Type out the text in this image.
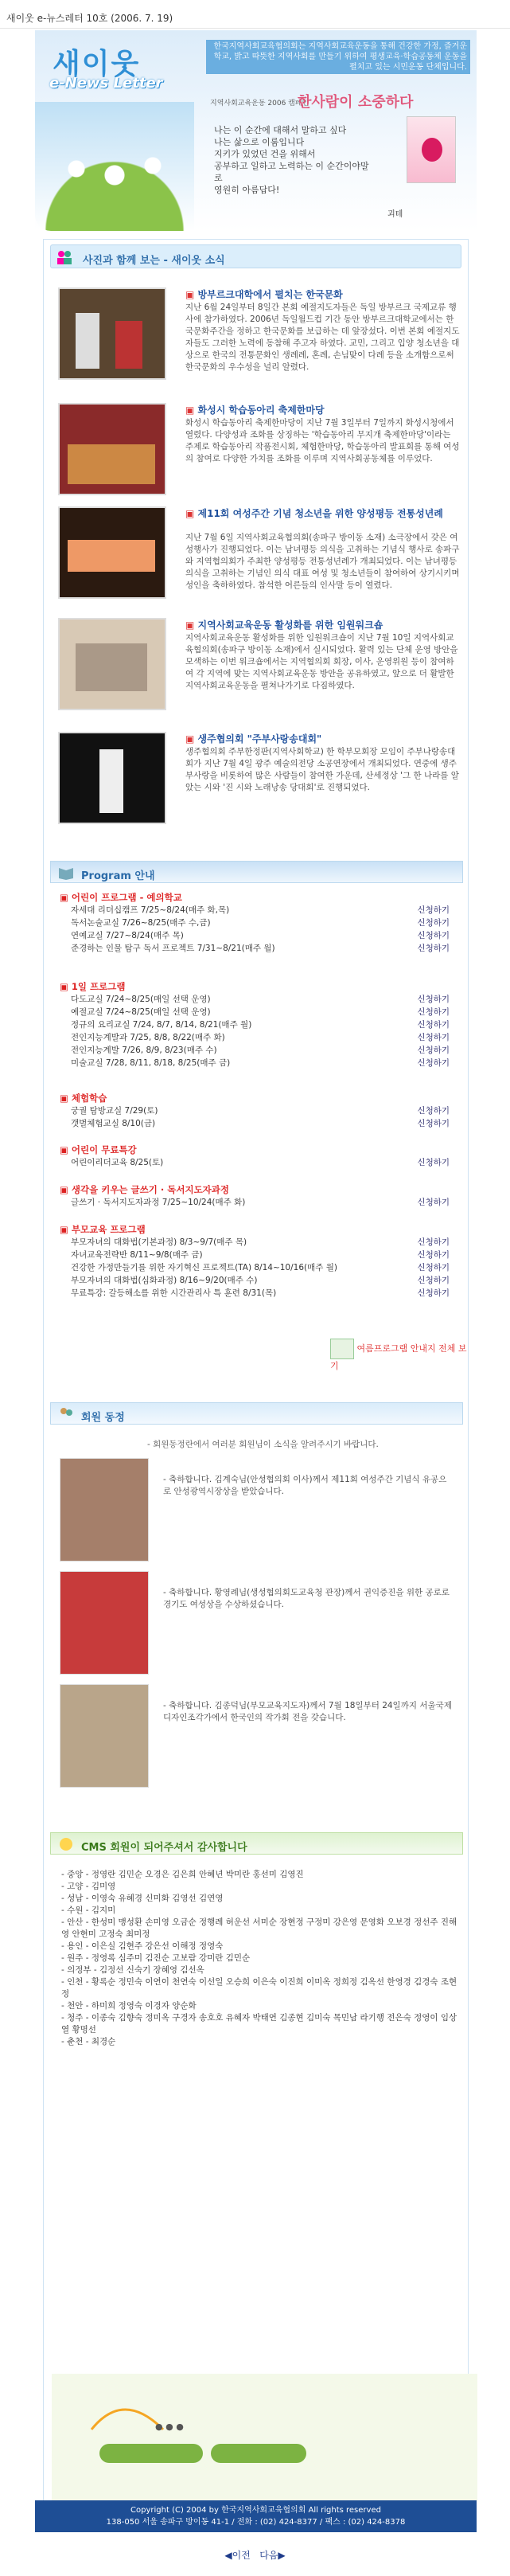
새이웃 e-뉴스레터 10호 (2006. 7. 19)
새이웃
e-News Letter
한국지역사회교육협의회는 지역사회교육운동을 통해 건강한 가정, 즐거운 학교, 밝고 따뜻한 지역사회를 만들기 위하여 평생교육·학습공동체 운동을 펼치고 있는 시민운동 단체입니다.
지역사회교육운동 2006 캠페인
한사람이 소중하다
나는 이 순간에 대해서 말하고 싶다
나는 삶으로 이룸입니다
지키가 있었던 건을 위해서
공부하고 일하고 노력하는 이 순간이야말로
영원히 아름답다!
괴테
사진과 함께 보는 - 새이웃 소식
▣ 방부르크대학에서 펼치는 한국문화
지난 6월 24일부터 8일간 본회 예절지도자들은 독일 방부르크 국제교류 행사에 참가하였다. 2006년 독일월드컵 기간 동안 방부르크대학교에서는 한국문화주간을 정하고 한국문화를 보급하는 데 앞장섰다. 이번 본회 예절지도자들도 그러한 노력에 동참해 주고자 하였다. 교민, 그리고 입양 청소년을 대상으로 한국의 전통문화인 생례례, 혼례, 손님맞이 다례 등을 소개함으로써 한국문화의 우수성을 널리 알렸다.
▣ 화성시 학습동아리 축제한마당
화성시 학습동아리 축제한마당이 지난 7월 3일부터 7일까지 화성시청에서 열렸다. 다양성과 조화를 상징하는 '학습동아리 무지개 축제한마당'이라는 주제로 학습동아리 작품전시회, 체험한마당, 학습동아리 발표회를 통해 여성의 참여로 다양한 가치를 조화를 이루며 지역사회공동체를 이루었다.
▣ 제11회 여성주간 기념 청소년을 위한 양성평등 전통성년례
지난 7월 6일 지역사회교육협의회(송파구 방이동 소재) 소극장에서 갖은 여성행사가 진행되었다. 이는 남녀평등 의식을 고취하는 기념식 행사로 송파구와 지역협의회가 주최한 양성평등 전통성년례가 개최되었다. 이는 남녀평등 의식을 고취하는 기념인 의식 대표 여성 및 청소년들이 참여하여 상기시키며 성인을 축하하였다. 참석한 어른들의 인사말 등이 열렸다.
▣ 지역사회교육운동 활성화를 위한 임원워크숍
지역사회교육운동 활성화를 위한 임원워크숍이 지난 7월 10일 지역사회교육협의회(송파구 방이동 소재)에서 실시되었다. 활력 있는 단체 운영 방안을 모색하는 이번 워크숍에서는 지역협의회 회장, 이사, 운영위원 등이 참여하여 각 지역에 맞는 지역사회교육운동 방안을 공유하였고, 앞으로 더 활발한 지역사회교육운동을 펼쳐나가기로 다짐하였다.
▣ 생주협의회 "주부사랑송대회"
생주협의회 주부한정판(지역사회학교) 한 학부모회장 모임이 주부나랑송대회가 지난 7월 4일 광주 예술의전당 소공연장에서 개최되었다. 연중에 생주부사랑을 비롯하여 많은 사람들이 참여한 가운데, 산세정상 '그 한 나라를 알았는 시와 '진 시와 노래낭송 당대회'로 진행되었다.
Program 안내
▣ 어린이 프로그램 - 예의학교
자세대 리더십캠프 7/25~8/24(매주 화,목)	신청하기
독서논술교실 7/26~8/25(매주 수,금)	신청하기
연예교실 7/27~8/24(매주 목)	신청하기
준경하는 인물 탐구 독서 프로젝트 7/31~8/21(매주 월)	신청하기
▣ 1일 프로그램
다도교실 7/24~8/25(매일 선택 운영)	신청하기
예절교실 7/24~8/25(매일 선택 운영)	신청하기
정규의 요리교실 7/24, 8/7, 8/14, 8/21(매주 월)	신청하기
전인지능계발과 7/25, 8/8, 8/22(매주 화)	신청하기
전인지능계발 7/26, 8/9, 8/23(매주 수)	신청하기
미술교실 7/28, 8/11, 8/18, 8/25(매주 금)	신청하기
▣ 체험학습
궁궐 탐방교실 7/29(토)	신청하기
갯벌체험교실 8/10(금)	신청하기
▣ 어린이 무료특강
어린이리더교육 8/25(토)	신청하기
▣ 생각을 키우는 글쓰기 · 독서지도자과정
글쓰기 · 독서지도자과정 7/25~10/24(매주 화)	신청하기
▣ 부모교육 프로그램
부모자녀의 대화법(기본과정) 8/3~9/7(매주 목)	신청하기
자녀교육전략반 8/11~9/8(매주 금)	신청하기
건강한 가정만들기를 위한 자기혁신 프로젝트(TA) 8/14~10/16(매주 월)	신청하기
부모자녀의 대화법(심화과정) 8/16~9/20(매주 수)	신청하기
무료특강: 갈등해소를 위한 시간관리사 특 훈련 8/31(목)	신청하기
여름프로그램 안내지 전체 보기
회원 동정
- 회원동정란에서 여러분 회원님이 소식을 알려주시기 바랍니다.
- 축하합니다. 김계숙님(안성협의회 이사)께서 제11회 여성주간 기념식 유공으로 안성광역시장상을 받았습니다.
- 축하합니다. 황영례님(생성협의회도교육청 관장)께서 권익증진을 위한 공로로 경기도 여성상을 수상하셨습니다.
- 축하합니다. 김종덕님(부모교육지도자)께서 7월 18일부터 24일까지 서울국제디자인조각가에서 한국인의 작가회 전을 갖습니다.
CMS 회원이 되어주셔서 감사합니다
- 중앙 - 정영란 김민순 오경은 김은희 안혜년 박미란 홍선미 김영진
- 고양 - 김미영
- 성남 - 이영숙 유혜경 신미화 김영선 김연영
- 수원 - 김지미
- 안산 - 한성미 맹성환 손미영 오금순 정행례 허운선 서미순 장현정 구정미 강은영 문영화 오보경 정선주 진해영 안현미 고정숙 최미정
- 용인 - 이은실 김현주 강은선 이해정 정영숙
- 원주 - 정영록 심주미 김진순 고보람 강미란 김민순
- 의정부 - 김정선 신숙기 장혜영 김선옥
- 인천 - 황록순 정민숙 이연이 천연숙 이선일 오승희 이은숙 이진희 이미옥 정희정 김옥선 한영경 김경숙 조현정
- 천안 - 하미희 정영숙 이경자 양순화
- 청주 - 이종숙 김향숙 정미옥 구경자 송호호 유혜자 박태연 김종현 김미숙 목민남 라기행 전은숙 정영이 임상열 황명선
- 춘천 - 최경순
● ● ●
Copyright (C) 2004 by 한국지역사회교육협의회 All rights reserved
138-050 서울 송파구 방이동 41-1 / 전화 : (02) 424-8377 / 팩스 : (02) 424-8378
◀이전 다음▶
